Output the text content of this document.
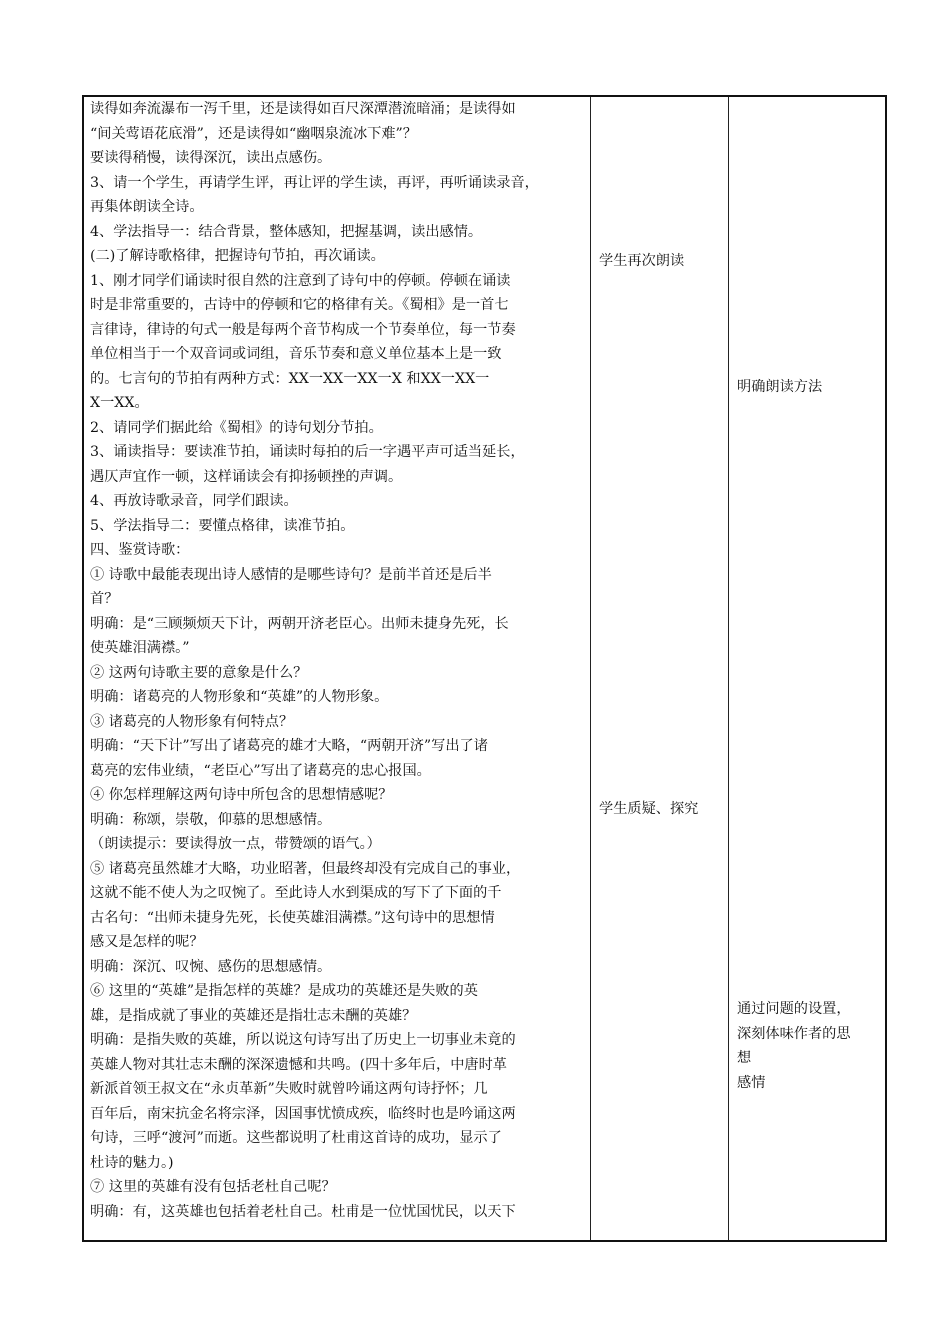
读得如奔流瀑布一泻千里，还是读得如百尺深潭潜流暗涌；是读得如
“间关莺语花底滑”，还是读得如“幽咽泉流冰下难”？
要读得稍慢，读得深沉，读出点感伤。
3、请一个学生，再请学生评，再让评的学生读，再评，再听诵读录音，
再集体朗读全诗。
4、学法指导一：结合背景，整体感知，把握基调，读出感情。
(二)了解诗歌格律，把握诗句节拍，再次诵读。
1、刚才同学们诵读时很自然的注意到了诗句中的停顿。停顿在诵读
时是非常重要的，古诗中的停顿和它的格律有关。《蜀相》是一首七
言律诗，律诗的句式一般是每两个音节构成一个节奏单位，每一节奏
单位相当于一个双音词或词组，音乐节奏和意义单位基本上是一致
的。七言句的节拍有两种方式：XX一XX一XX一X 和XX一XX一
X一XX。
2、请同学们据此给《蜀相》的诗句划分节拍。
3、诵读指导：要读准节拍，诵读时每拍的后一字遇平声可适当延长，
遇仄声宜作一顿，这样诵读会有抑扬顿挫的声调。
4、再放诗歌录音，同学们跟读。
5、学法指导二：要懂点格律，读准节拍。
四、鉴赏诗歌：
① 诗歌中最能表现出诗人感情的是哪些诗句？是前半首还是后半
首？
明确：是“三顾频烦天下计，两朝开济老臣心。出师未捷身先死，长
使英雄泪满襟。”
② 这两句诗歌主要的意象是什么？
明确：诸葛亮的人物形象和“英雄”的人物形象。
③ 诸葛亮的人物形象有何特点？
明确：“天下计”写出了诸葛亮的雄才大略，“两朝开济”写出了诸
葛亮的宏伟业绩，“老臣心”写出了诸葛亮的忠心报国。
④ 你怎样理解这两句诗中所包含的思想情感呢？
明确：称颂，崇敬，仰慕的思想感情。
（朗读提示：要读得放一点，带赞颂的语气。）
⑤ 诸葛亮虽然雄才大略，功业昭著，但最终却没有完成自己的事业，
这就不能不使人为之叹惋了。至此诗人水到渠成的写下了下面的千
古名句：“出师未捷身先死，长使英雄泪满襟。”这句诗中的思想情
感又是怎样的呢？
明确：深沉、叹惋、感伤的思想感情。
⑥ 这里的“英雄”是指怎样的英雄？是成功的英雄还是失败的英
雄，是指成就了事业的英雄还是指壮志未酬的英雄？
明确：是指失败的英雄，所以说这句诗写出了历史上一切事业未竟的
英雄人物对其壮志未酬的深深遗憾和共鸣。(四十多年后，中唐时革
新派首领王叔文在“永贞革新”失败时就曾吟诵这两句诗抒怀；几
百年后，南宋抗金名将宗泽，因国事忧愤成疾，临终时也是吟诵这两
句诗，三呼“渡河”而逝。这些都说明了杜甫这首诗的成功，显示了
杜诗的魅力。)
⑦ 这里的英雄有没有包括老杜自己呢？
明确：有，这英雄也包括着老杜自己。杜甫是一位忧国忧民，以天下
学生再次朗读
学生质疑、探究
明确朗读方法
通过问题的设置，
深刻体味作者的思
想
感情
